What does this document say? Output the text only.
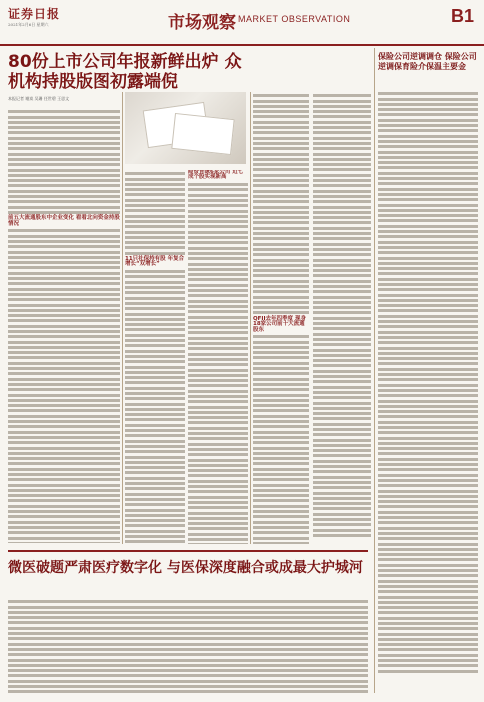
证券日报
2021年2月6日 星期六	市场观察 MARKET OBSERVATION	B1
80份上市公司年报新鲜出炉 众机构持股版图初露端倪
本报记者 谢岚 吴珊 任世碧 王思文
前五大流通股东中企业变化 看看北向资金持股情况
11只社保持有股 年复合增长“双增长”
险资青睐6家公司 近七成个股实现新高
QFII去年四季度 现身18家公司前十大流通股东
微医破题严肃医疗数字化 与医保深度融合或成最大护城河
保险公司逆调调仓 保险公司逆调保育险介保温主要金
